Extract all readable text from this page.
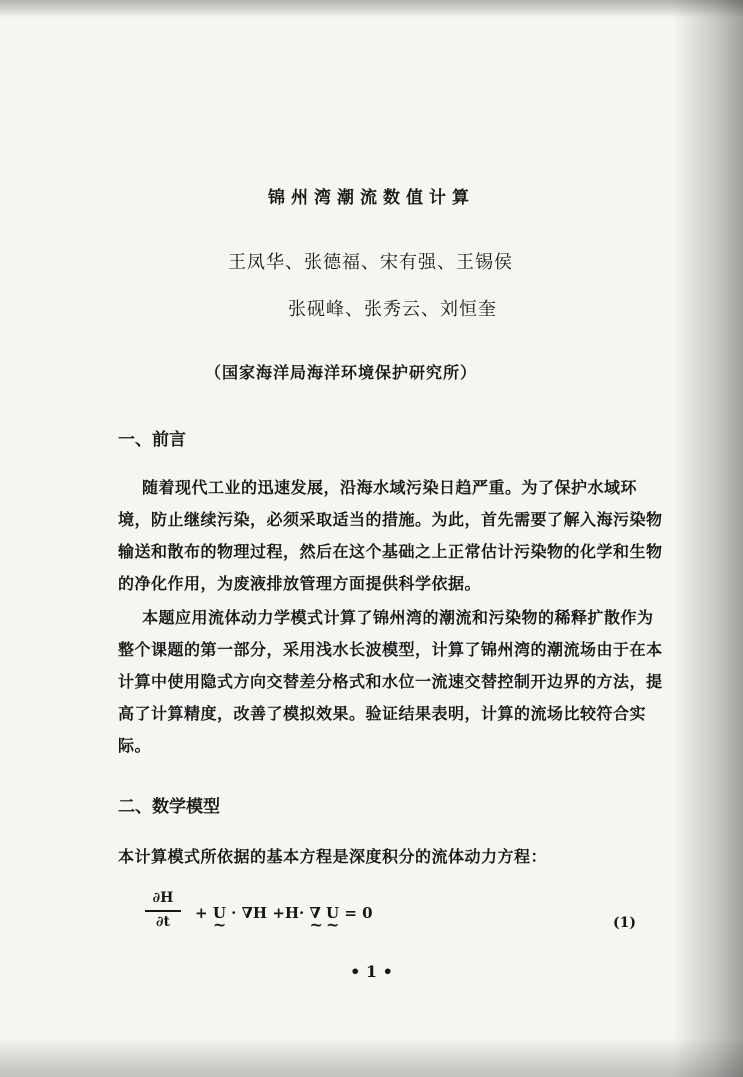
锦州湾潮流数值计算
王凤华、张德福、宋有强、王锡侯
张砚峰、张秀云、刘恒奎
（国家海洋局海洋环境保护研究所）
一、前言
随着现代工业的迅速发展，沿海水域污染日趋严重。为了保护水域环境，防止继续污染，必须采取适当的措施。为此，首先需要了解入海污染物输送和散布的物理过程，然后在这个基础之上正常估计污染物的化学和生物的净化作用，为废液排放管理方面提供科学依据。
本题应用流体动力学模式计算了锦州湾的潮流和污染物的稀释扩散作为整个课题的第一部分，采用浅水长波模型，计算了锦州湾的潮流场由于在本计算中使用隐式方向交替差分格式和水位一流速交替控制开边界的方法，提高了计算精度，改善了模拟效果。验证结果表明，计算的流场比较符合实际。
二、数学模型
本计算模式所依据的基本方程是深度积分的流体动力方程：
∂H
∂t	+ U ~ · ∇H +H· ∇ ~ U ~ = 0
(1)
• 1 •
